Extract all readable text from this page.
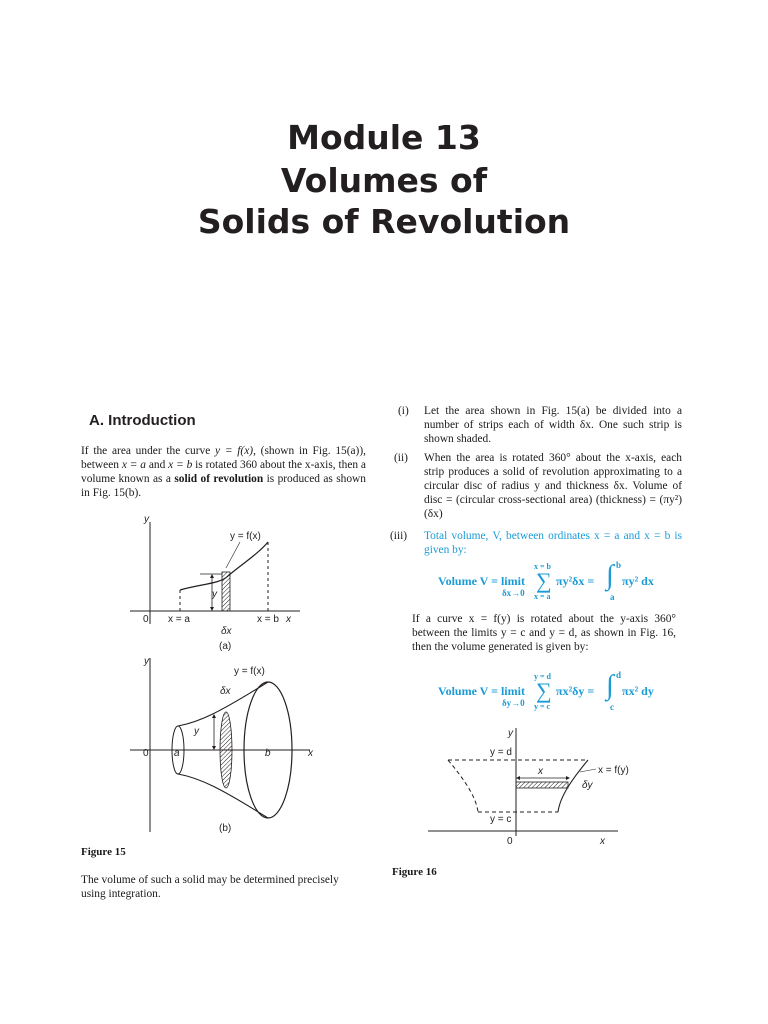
Module 13
Volumes of
Solids of Revolution
A. Introduction
If the area under the curve y = f(x), (shown in Fig. 15(a)), between x = a and x = b is rotated 360 about the x-axis, then a volume known as a solid of revolution is produced as shown in Fig. 15(b).
y
0
y
y = f(x)
x = a	x = b x
δx
(a)
y
0
y
y = f(x)
δx
a	b	x
(b)
Figure 15
The volume of such a solid may be determined precisely using integration.
(i) Let the area shown in Fig. 15(a) be divided into a number of strips each of width δx. One such strip is shown shaded.
(ii) When the area is rotated 360° about the x-axis, each strip produces a solid of revolution approximating to a circular disc of radius y and thickness δx. Volume of disc = (circular cross-sectional area) (thickness) = (πy²)(δx)
(iii) Total volume, V, between ordinates x = a and x = b is given by:
Volume V = limit
δx→0
x = b
∑
x = a
πy²δx = ∫ b
a
πy² dx
If a curve x = f(y) is rotated about the y-axis 360° between the limits y = c and y = d, as shown in Fig. 16, then the volume generated is given by:
Volume V = limit
δy→0
y = d
∑
y = c
πx²δy = ∫ d
c
πx² dy
y
0	x
y = d
x	x = f(y)
δy
y = c
Figure 16
